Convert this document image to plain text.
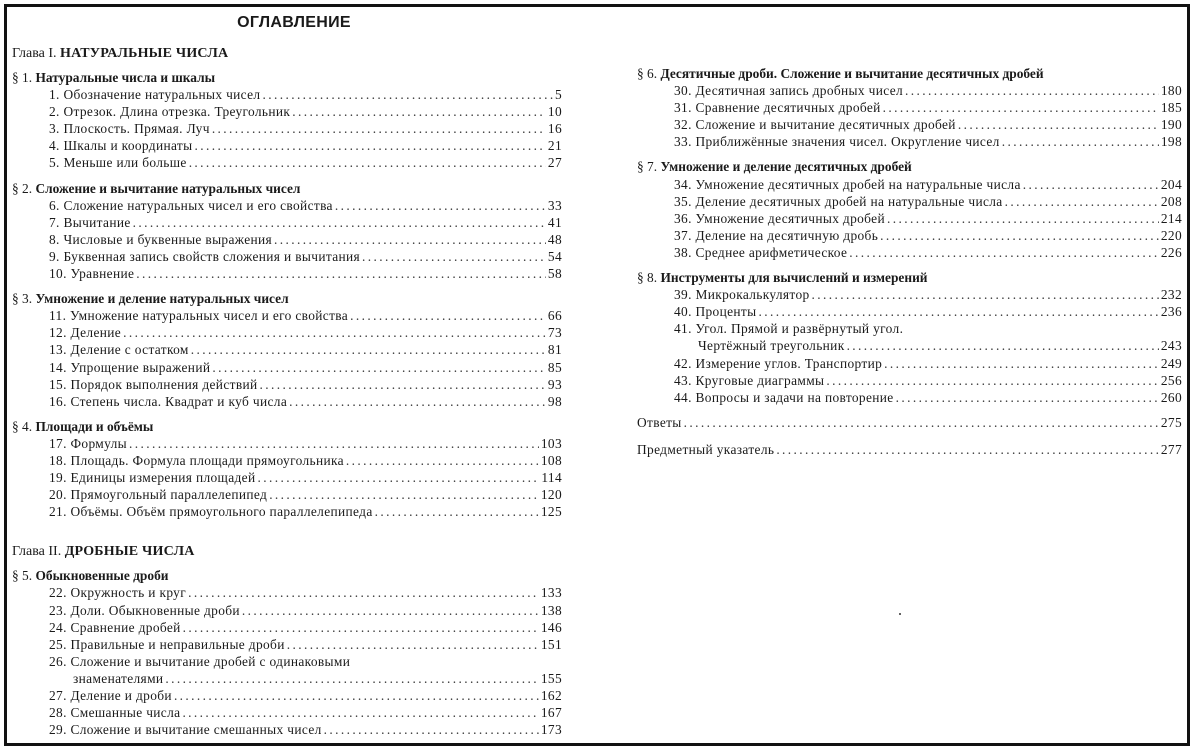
ОГЛАВЛЕНИЕ
Глава I. НАТУРАЛЬНЫЕ ЧИСЛА
§ 1. Натуральные числа и шкалы
1. Обозначение натуральных чисел .....	5
2. Отрезок. Длина отрезка. Треугольник .....	10
3. Плоскость. Прямая. Луч .....	16
4. Шкалы и координаты .....	21
5. Меньше или больше .....	27
§ 2. Сложение и вычитание натуральных чисел
6. Сложение натуральных чисел и его свойства .....	33
7. Вычитание .....	41
8. Числовые и буквенные выражения .....	48
9. Буквенная запись свойств сложения и вычитания .....	54
10. Уравнение .....	58
§ 3. Умножение и деление натуральных чисел
11. Умножение натуральных чисел и его свойства .....	66
12. Деление .....	73
13. Деление с остатком .....	81
14. Упрощение выражений .....	85
15. Порядок выполнения действий .....	93
16. Степень числа. Квадрат и куб числа .....	98
§ 4. Площади и объёмы
17. Формулы .....	103
18. Площадь. Формула площади прямоугольника .....	108
19. Единицы измерения площадей .....	114
20. Прямоугольный параллелепипед .....	120
21. Объёмы. Объём прямоугольного параллелепипеда .....	125
Глава II. ДРОБНЫЕ ЧИСЛА
§ 5. Обыкновенные дроби
22. Окружность и круг .....	133
23. Доли. Обыкновенные дроби .....	138
24. Сравнение дробей .....	146
25. Правильные и неправильные дроби .....	151
26. Сложение и вычитание дробей с одинаковыми
знаменателями .....	155
27. Деление и дроби .....	162
28. Смешанные числа .....	167
29. Сложение и вычитание смешанных чисел .....	173
§ 6. Десятичные дроби. Сложение и вычитание десятичных дробей
30. Десятичная запись дробных чисел .....	180
31. Сравнение десятичных дробей .....	185
32. Сложение и вычитание десятичных дробей .....	190
33. Приближённые значения чисел. Округление чисел .....	198
§ 7. Умножение и деление десятичных дробей
34. Умножение десятичных дробей на натуральные числа .....	204
35. Деление десятичных дробей на натуральные числа .....	208
36. Умножение десятичных дробей .....	214
37. Деление на десятичную дробь .....	220
38. Среднее арифметическое .....	226
§ 8. Инструменты для вычислений и измерений
39. Микрокалькулятор .....	232
40. Проценты .....	236
41. Угол. Прямой и развёрнутый угол.
Чертёжный треугольник .....	243
42. Измерение углов. Транспортир .....	249
43. Круговые диаграммы .....	256
44. Вопросы и задачи на повторение .....	260
Ответы .....	275
Предметный указатель .....	277
